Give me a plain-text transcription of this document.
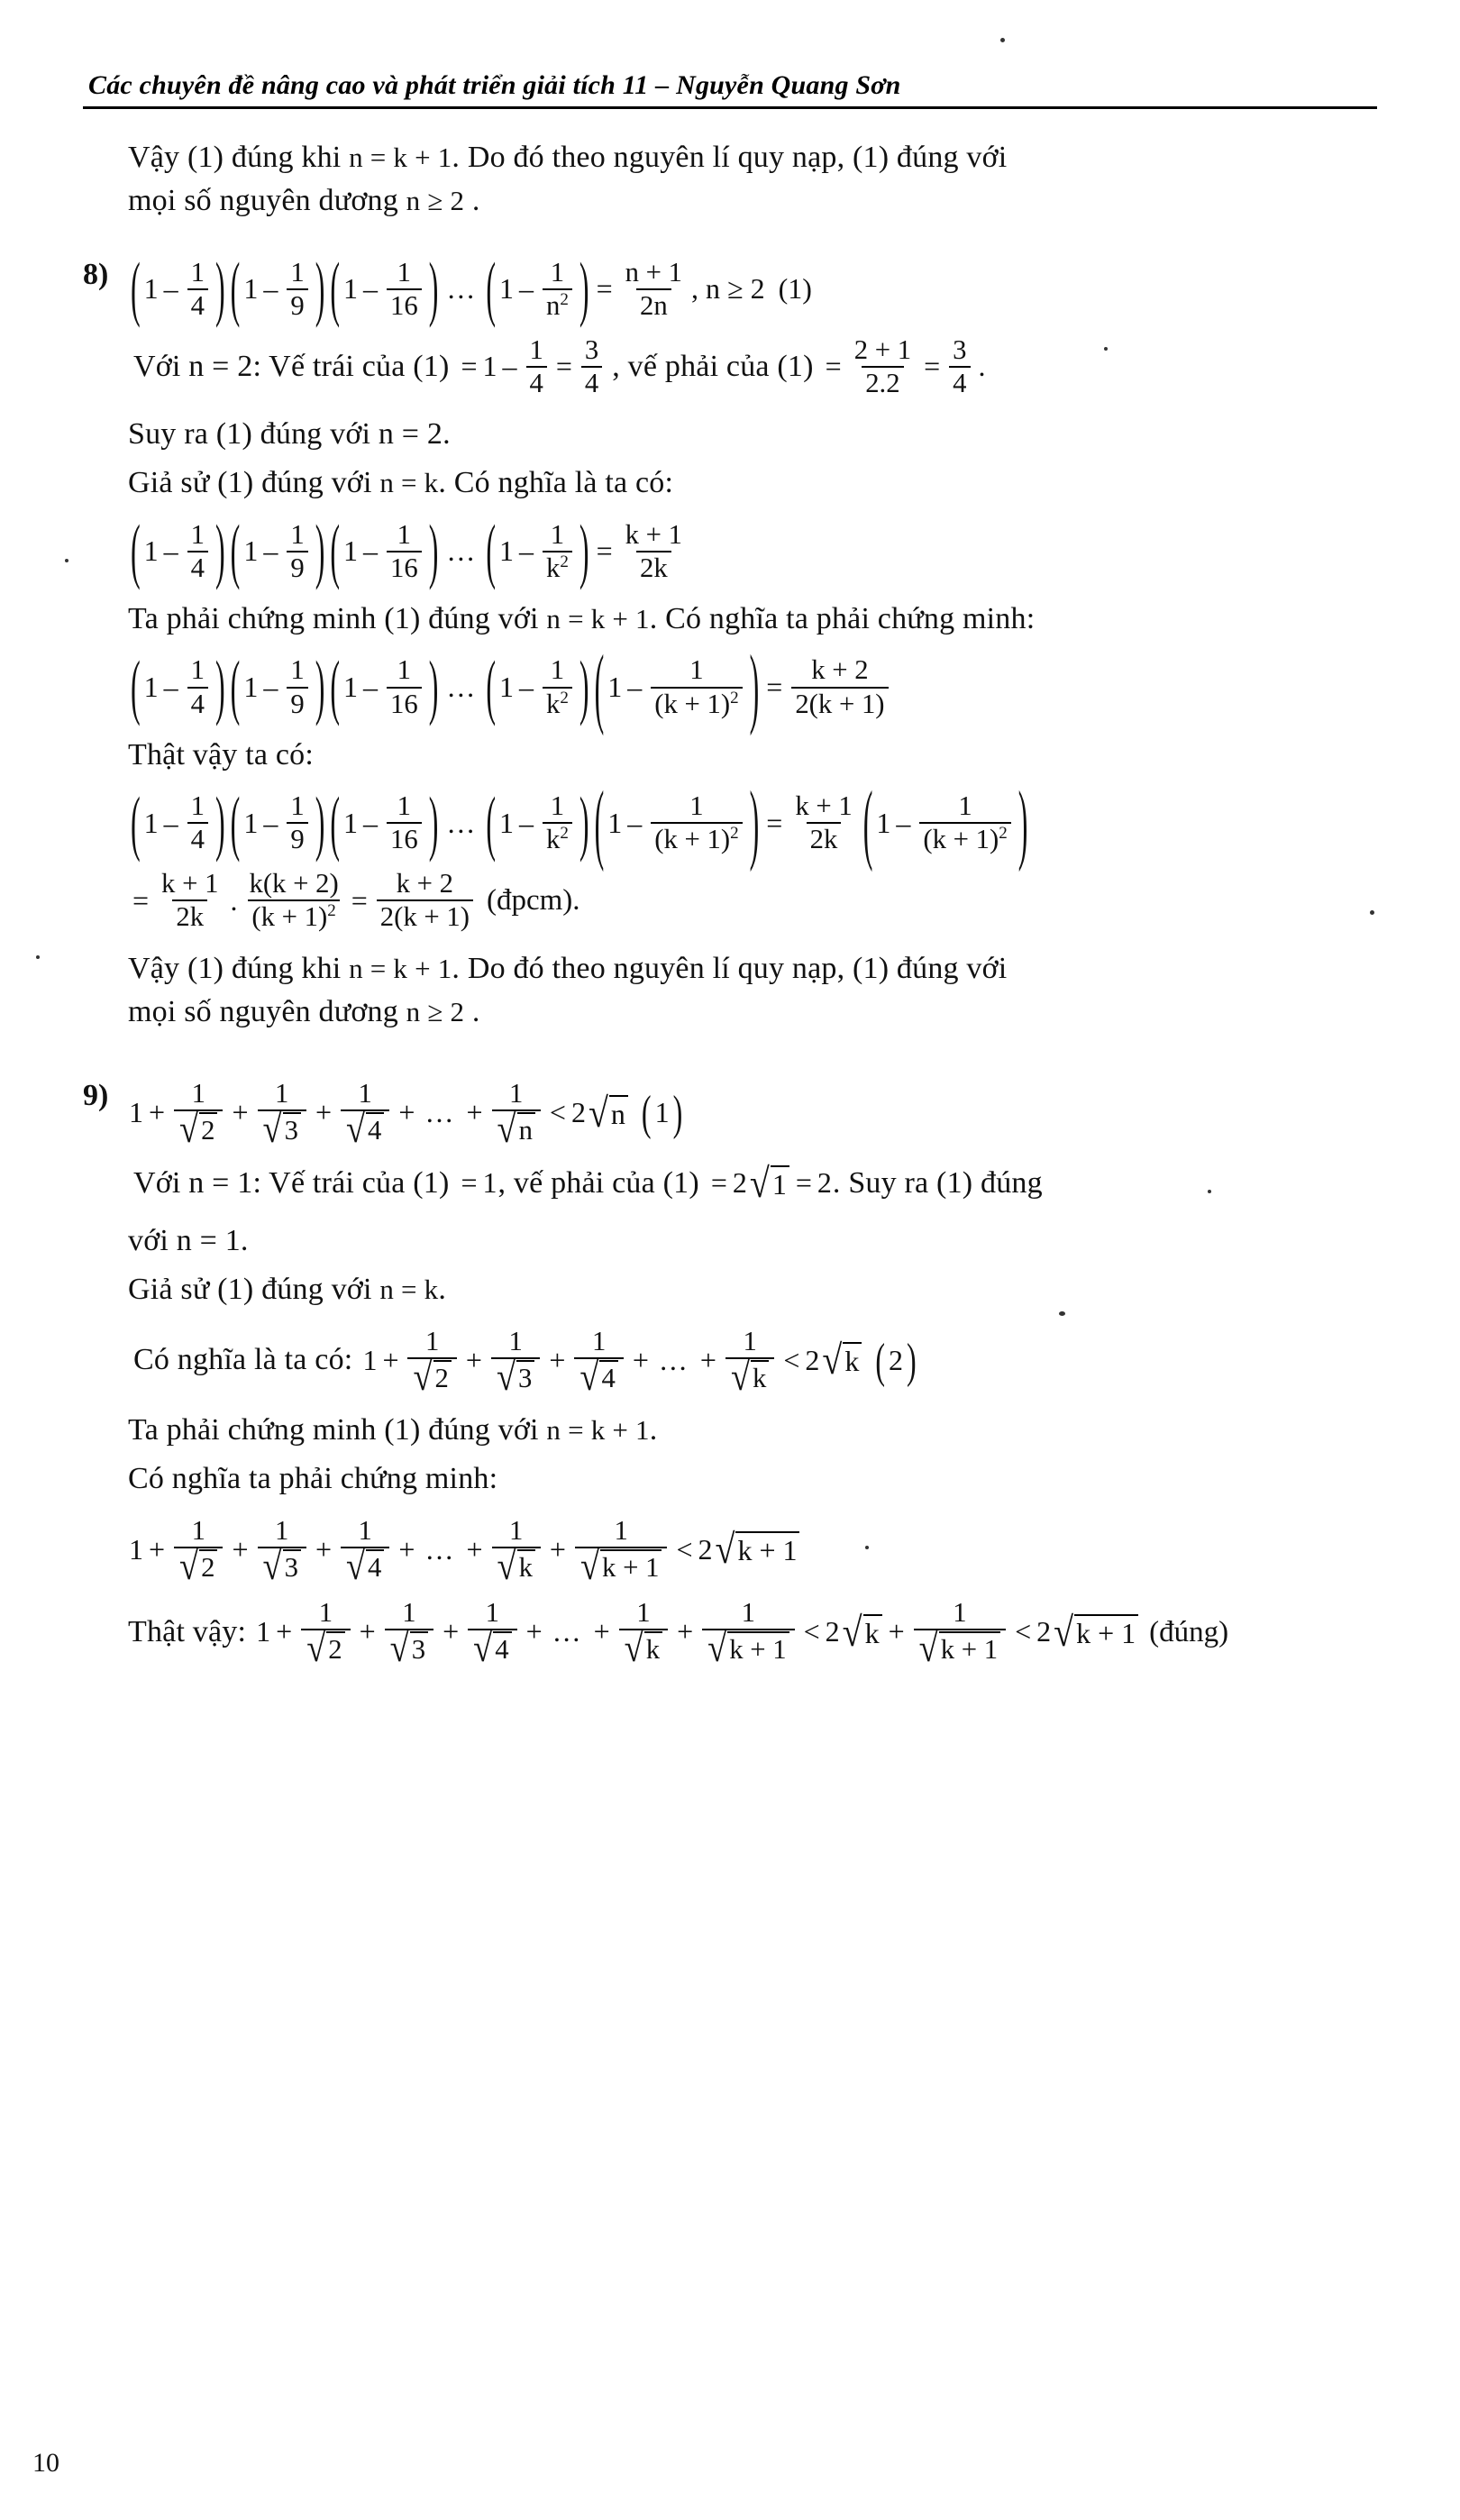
Các chuyên đề nâng cao và phát triển giải tích 11 – Nguyễn Quang Sơn
Vậy (1) đúng khi n = k + 1. Do đó theo nguyên lí quy nạp, (1) đúng với
mọi số nguyên dương n ≥ 2 .
8) ( $1 - \frac{1}{4}$ ) ( $1 - \frac{1}{9}$ ) ( $1 - \frac{1}{16}$ ) … ( $1 - \frac{1}{n^2}$ ) = $\frac{n + 1}{2n}$ , n ≥ 2 (1)
Với n = 2: Vế trái của $(1) = 1 - \frac{1}{4} = \frac{3}{4}$ , vế phải của $(1) = \frac{2 + 1}{2.2} = \frac{3}{4}$ .
Suy ra (1) đúng với n = 2.
Giả sử (1) đúng với n = k. Có nghĩa là ta có:
( $1 - \frac{1}{4}$ ) ( $1 - \frac{1}{9}$ ) ( $1 - \frac{1}{16}$ ) … ( $1 - \frac{1}{k^2}$ ) = $\frac{k + 1}{2k}$
Ta phải chứng minh (1) đúng với n = k + 1. Có nghĩa ta phải chứng minh:
( $1 - \frac{1}{4}$ ) ( $1 - \frac{1}{9}$ ) ( $1 - \frac{1}{16}$ ) … ( $1 - \frac{1}{k^2}$ ) ( $1 - \frac{1}{(k + 1)^2}$ ) = $\frac{k + 2}{2(k + 1)}$
Thật vậy ta có:
( $1 - \frac{1}{4}$ ) ( $1 - \frac{1}{9}$ ) ( $1 - \frac{1}{16}$ ) … ( $1 - \frac{1}{k^2}$ ) ( $1 - \frac{1}{(k + 1)^2}$ ) = $\frac{k + 1}{2k}$ ( $1 - \frac{1}{(k + 1)^2}$ )
= $\frac{k + 1}{2k}$ . $\frac{k(k + 2)}{(k + 1)^2} = \frac{k + 2}{2(k + 1)}$ (đpcm).
Vậy (1) đúng khi n = k + 1. Do đó theo nguyên lí quy nạp, (1) đúng với
mọi số nguyên dương n ≥ 2 .
9)
$1 + \frac{1}{√ 2} + \frac{1}{√ 3} + \frac{1}{√ 4}$ + … + $\frac{1}{√ n} < 2$ √ n ( 1 )
Với n = 1: Vế trái của (1) = 1 , vế phải của (1) = 2 √ 1 = 2 . Suy ra (1) đúng
với n = 1.
Giả sử (1) đúng với n = k.
Có nghĩa là ta có: $1 + \frac{1}{√ 2} + \frac{1}{√ 3} + \frac{1}{√ 4}$ + … + $\frac{1}{√ k} < 2$ √ k ( 2 )
Ta phải chứng minh (1) đúng với n = k + 1.
Có nghĩa ta phải chứng minh:
$1 + \frac{1}{√ 2} + \frac{1}{√ 3} + \frac{1}{√ 4}$ + … + $\frac{1}{√ k} + \frac{1}{√ k + 1} < 2$ √ k + 1
Thật vậy: $1 + \frac{1}{√ 2} + \frac{1}{√ 3} + \frac{1}{√ 4}$ + … + $\frac{1}{√ k} + \frac{1}{√ k + 1} < 2$ √ $k + \frac{1}{√ k + 1} < 2$ √ k + 1 (đúng)
10
